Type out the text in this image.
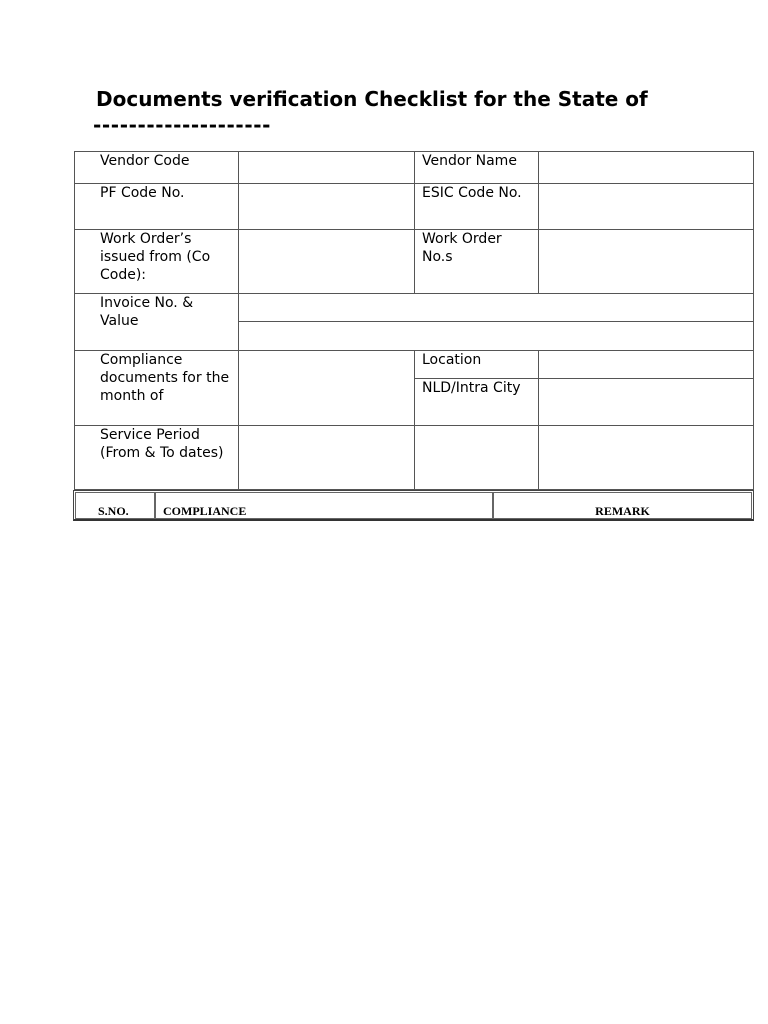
Documents verification Checklist for the State of
--------------------
Vendor Code		Vendor Name	
PF Code No.		ESIC Code No.	
Work Order’s issued from (Co Code):		Work Order No.s	
Invoice No. & Value			

Compliance documents for the month of		Location	
		NLD/Intra City	
Service Period (From & To dates)			
S.NO.	COMPLIANCE	REMARK
